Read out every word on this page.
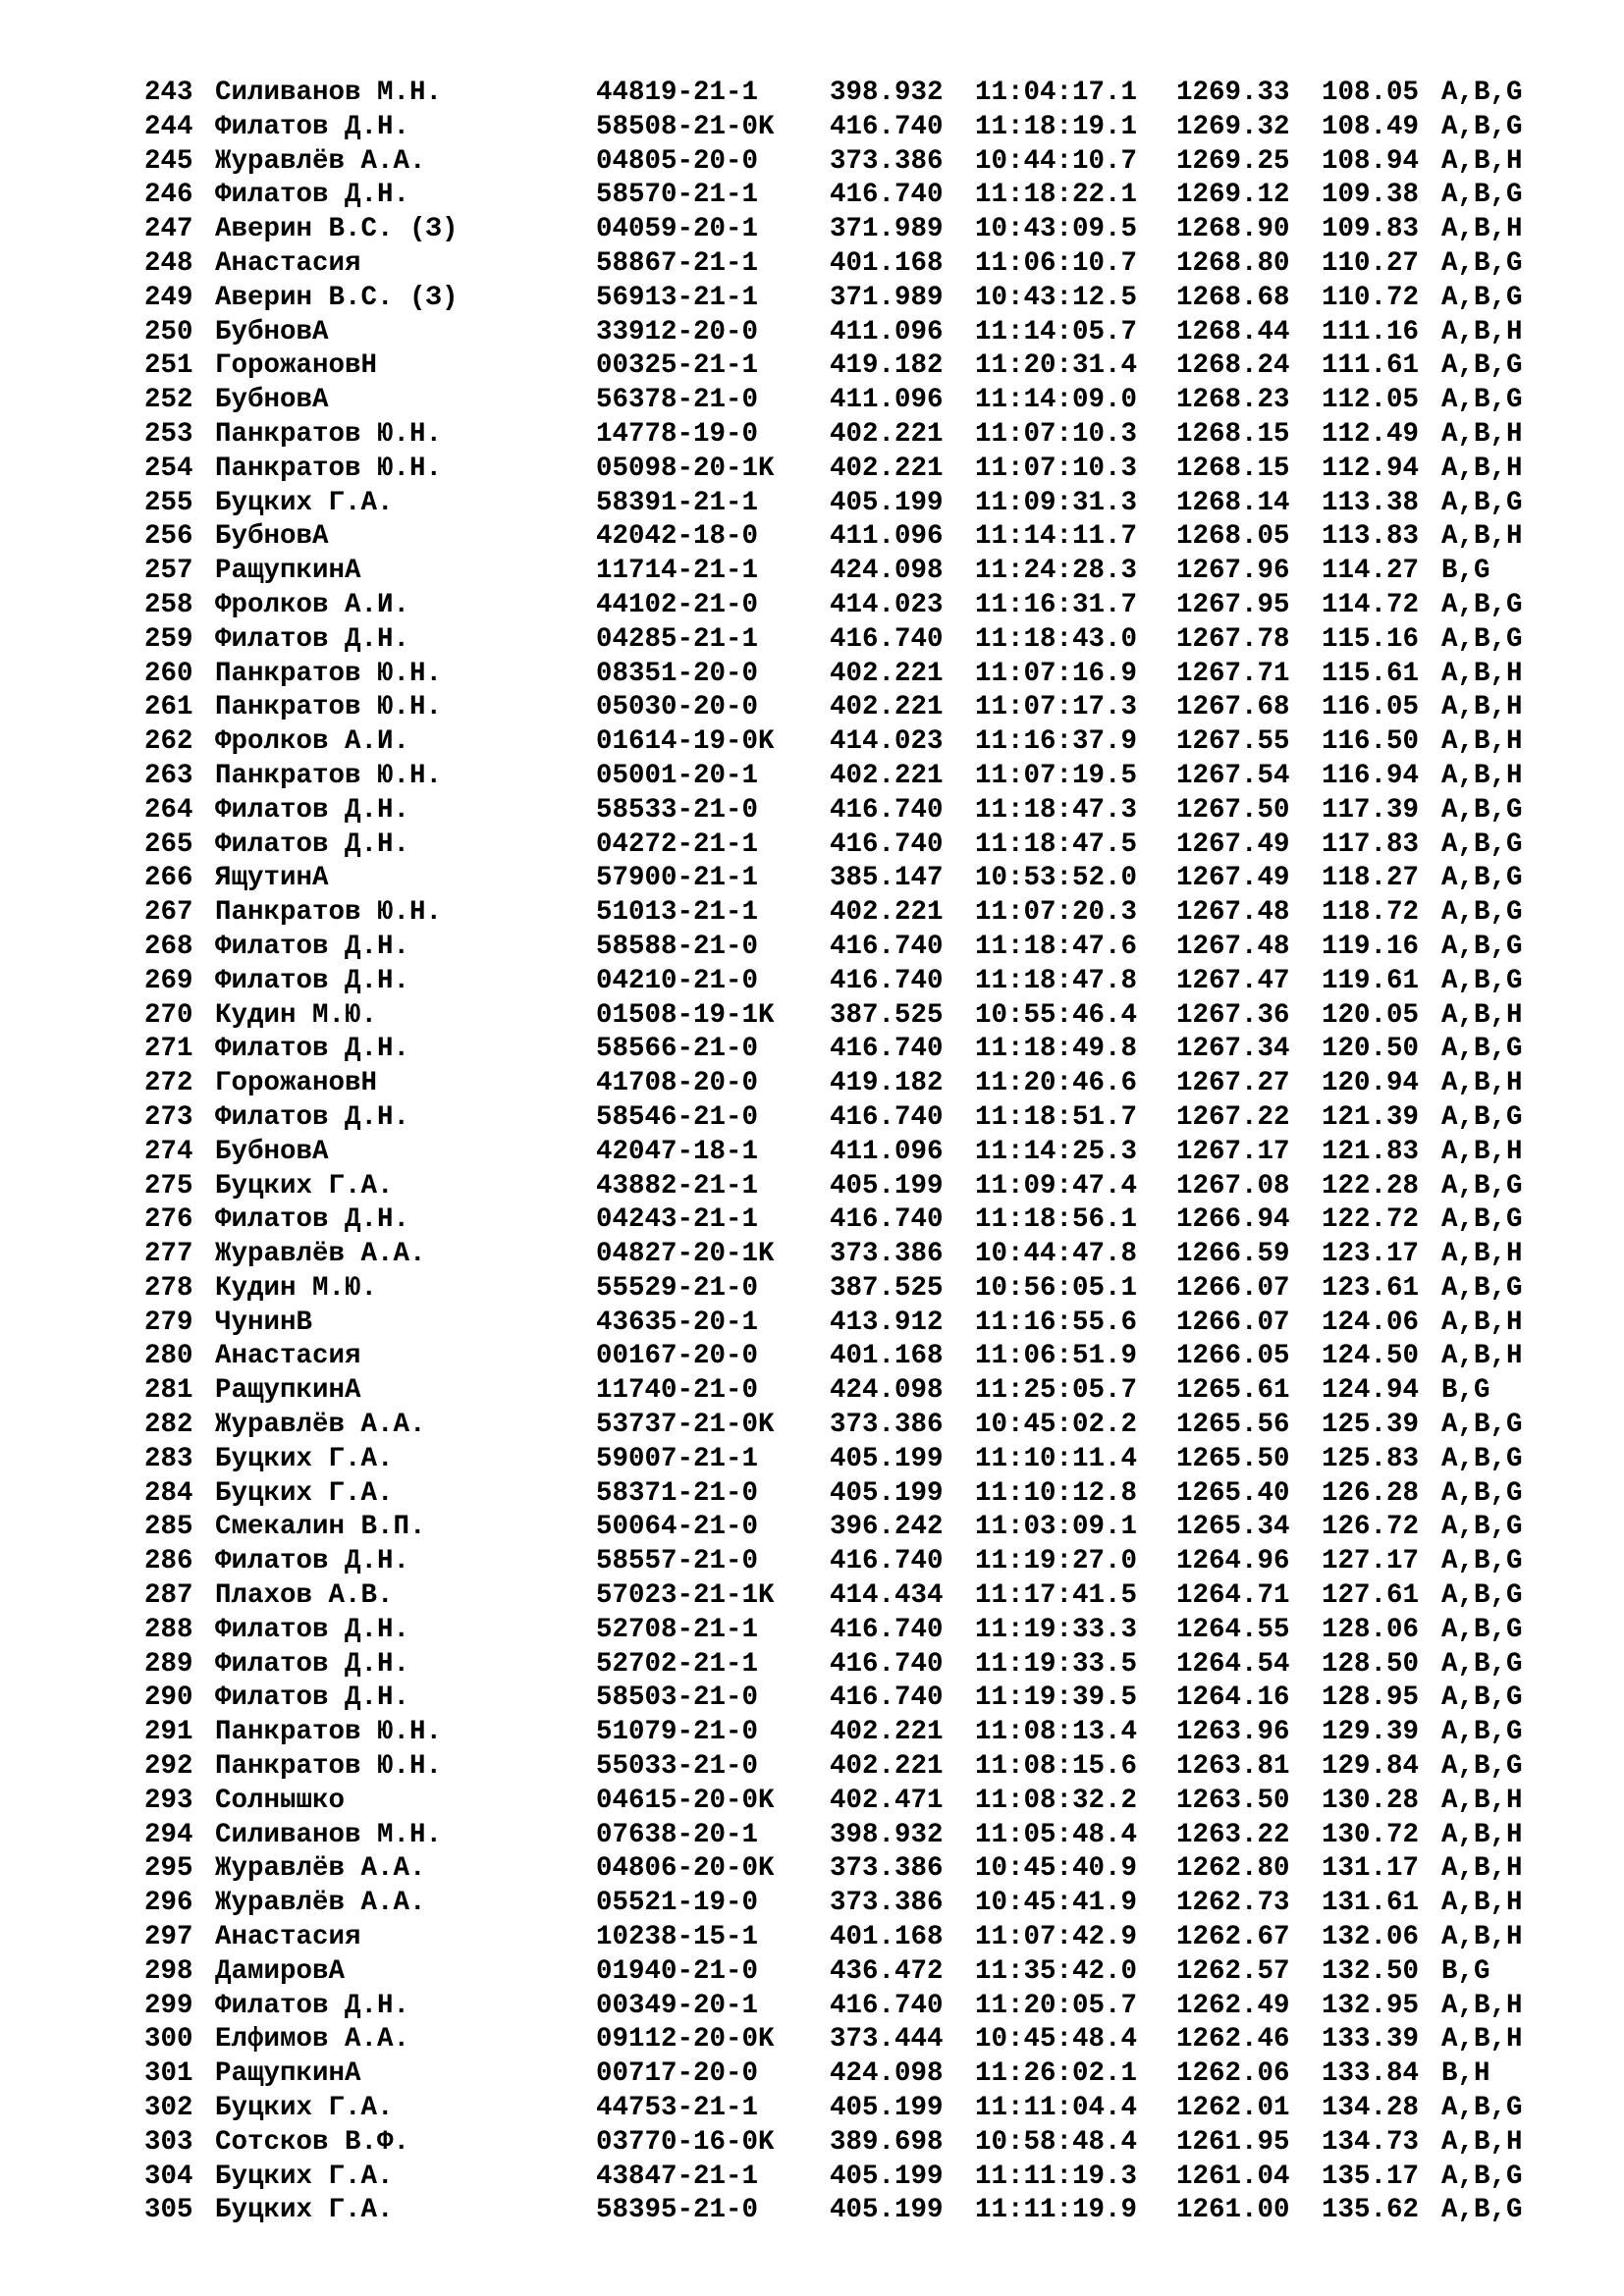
243 Силиванов М.Н.	44819-21-1	398.932 11:04:17.1 1269.33 108.05 A,B,G
244 Филатов Д.Н.	58508-21-0K 416.740 11:18:19.1 1269.32 108.49 A,B,G
245 Журавлёв А.А.	04805-20-0	373.386 10:44:10.7 1269.25 108.94 A,B,H
246 Филатов Д.Н.	58570-21-1	416.740 11:18:22.1 1269.12 109.38 A,B,G
247 Аверин В.С. (З)	04059-20-1	371.989 10:43:09.5 1268.90 109.83 A,B,H
248 Анастасия	58867-21-1	401.168 11:06:10.7 1268.80 110.27 A,B,G
249 Аверин В.С. (З)	56913-21-1	371.989 10:43:12.5 1268.68 110.72 A,B,G
250 БубновА	33912-20-0	411.096 11:14:05.7 1268.44 111.16 A,B,H
251 ГорожановН	00325-21-1	419.182 11:20:31.4 1268.24 111.61 A,B,G
252 БубновА	56378-21-0	411.096 11:14:09.0 1268.23 112.05 A,B,G
253 Панкратов Ю.Н.	14778-19-0	402.221 11:07:10.3 1268.15 112.49 A,B,H
254 Панкратов Ю.Н.	05098-20-1K 402.221 11:07:10.3 1268.15 112.94 A,B,H
255 Буцких Г.А.	58391-21-1	405.199 11:09:31.3 1268.14 113.38 A,B,G
256 БубновА	42042-18-0	411.096 11:14:11.7 1268.05 113.83 A,B,H
257 РащупкинА	11714-21-1	424.098 11:24:28.3 1267.96 114.27 B,G
258 Фролков А.И.	44102-21-0	414.023 11:16:31.7 1267.95 114.72 A,B,G
259 Филатов Д.Н.	04285-21-1	416.740 11:18:43.0 1267.78 115.16 A,B,G
260 Панкратов Ю.Н.	08351-20-0	402.221 11:07:16.9 1267.71 115.61 A,B,H
261 Панкратов Ю.Н.	05030-20-0	402.221 11:07:17.3 1267.68 116.05 A,B,H
262 Фролков А.И.	01614-19-0K 414.023 11:16:37.9 1267.55 116.50 A,B,H
263 Панкратов Ю.Н.	05001-20-1	402.221 11:07:19.5 1267.54 116.94 A,B,H
264 Филатов Д.Н.	58533-21-0	416.740 11:18:47.3 1267.50 117.39 A,B,G
265 Филатов Д.Н.	04272-21-1	416.740 11:18:47.5 1267.49 117.83 A,B,G
266 ЯщутинА	57900-21-1	385.147 10:53:52.0 1267.49 118.27 A,B,G
267 Панкратов Ю.Н.	51013-21-1	402.221 11:07:20.3 1267.48 118.72 A,B,G
268 Филатов Д.Н.	58588-21-0	416.740 11:18:47.6 1267.48 119.16 A,B,G
269 Филатов Д.Н.	04210-21-0	416.740 11:18:47.8 1267.47 119.61 A,B,G
270 Кудин М.Ю.	01508-19-1K 387.525 10:55:46.4 1267.36 120.05 A,B,H
271 Филатов Д.Н.	58566-21-0	416.740 11:18:49.8 1267.34 120.50 A,B,G
272 ГорожановН	41708-20-0	419.182 11:20:46.6 1267.27 120.94 A,B,H
273 Филатов Д.Н.	58546-21-0	416.740 11:18:51.7 1267.22 121.39 A,B,G
274 БубновА	42047-18-1	411.096 11:14:25.3 1267.17 121.83 A,B,H
275 Буцких Г.А.	43882-21-1	405.199 11:09:47.4 1267.08 122.28 A,B,G
276 Филатов Д.Н.	04243-21-1	416.740 11:18:56.1 1266.94 122.72 A,B,G
277 Журавлёв А.А.	04827-20-1K 373.386 10:44:47.8 1266.59 123.17 A,B,H
278 Кудин М.Ю.	55529-21-0	387.525 10:56:05.1 1266.07 123.61 A,B,G
279 ЧунинВ	43635-20-1	413.912 11:16:55.6 1266.07 124.06 A,B,H
280 Анастасия	00167-20-0	401.168 11:06:51.9 1266.05 124.50 A,B,H
281 РащупкинА	11740-21-0	424.098 11:25:05.7 1265.61 124.94 B,G
282 Журавлёв А.А.	53737-21-0K 373.386 10:45:02.2 1265.56 125.39 A,B,G
283 Буцких Г.А.	59007-21-1	405.199 11:10:11.4 1265.50 125.83 A,B,G
284 Буцких Г.А.	58371-21-0	405.199 11:10:12.8 1265.40 126.28 A,B,G
285 Смекалин В.П.	50064-21-0	396.242 11:03:09.1 1265.34 126.72 A,B,G
286 Филатов Д.Н.	58557-21-0	416.740 11:19:27.0 1264.96 127.17 A,B,G
287 Плахов А.В.	57023-21-1K 414.434 11:17:41.5 1264.71 127.61 A,B,G
288 Филатов Д.Н.	52708-21-1	416.740 11:19:33.3 1264.55 128.06 A,B,G
289 Филатов Д.Н.	52702-21-1	416.740 11:19:33.5 1264.54 128.50 A,B,G
290 Филатов Д.Н.	58503-21-0	416.740 11:19:39.5 1264.16 128.95 A,B,G
291 Панкратов Ю.Н.	51079-21-0	402.221 11:08:13.4 1263.96 129.39 A,B,G
292 Панкратов Ю.Н.	55033-21-0	402.221 11:08:15.6 1263.81 129.84 A,B,G
293 Солнышко	04615-20-0K 402.471 11:08:32.2 1263.50 130.28 A,B,H
294 Силиванов М.Н.	07638-20-1	398.932 11:05:48.4 1263.22 130.72 A,B,H
295 Журавлёв А.А.	04806-20-0K 373.386 10:45:40.9 1262.80 131.17 A,B,H
296 Журавлёв А.А.	05521-19-0	373.386 10:45:41.9 1262.73 131.61 A,B,H
297 Анастасия	10238-15-1	401.168 11:07:42.9 1262.67 132.06 A,B,H
298 ДамировА	01940-21-0	436.472 11:35:42.0 1262.57 132.50 B,G
299 Филатов Д.Н.	00349-20-1	416.740 11:20:05.7 1262.49 132.95 A,B,H
300 Елфимов А.А.	09112-20-0K 373.444 10:45:48.4 1262.46 133.39 A,B,H
301 РащупкинА	00717-20-0	424.098 11:26:02.1 1262.06 133.84 B,H
302 Буцких Г.А.	44753-21-1	405.199 11:11:04.4 1262.01 134.28 A,B,G
303 Сотсков В.Ф.	03770-16-0K 389.698 10:58:48.4 1261.95 134.73 A,B,H
304 Буцких Г.А.	43847-21-1	405.199 11:11:19.3 1261.04 135.17 A,B,G
305 Буцких Г.А.	58395-21-0	405.199 11:11:19.9 1261.00 135.62 A,B,G
